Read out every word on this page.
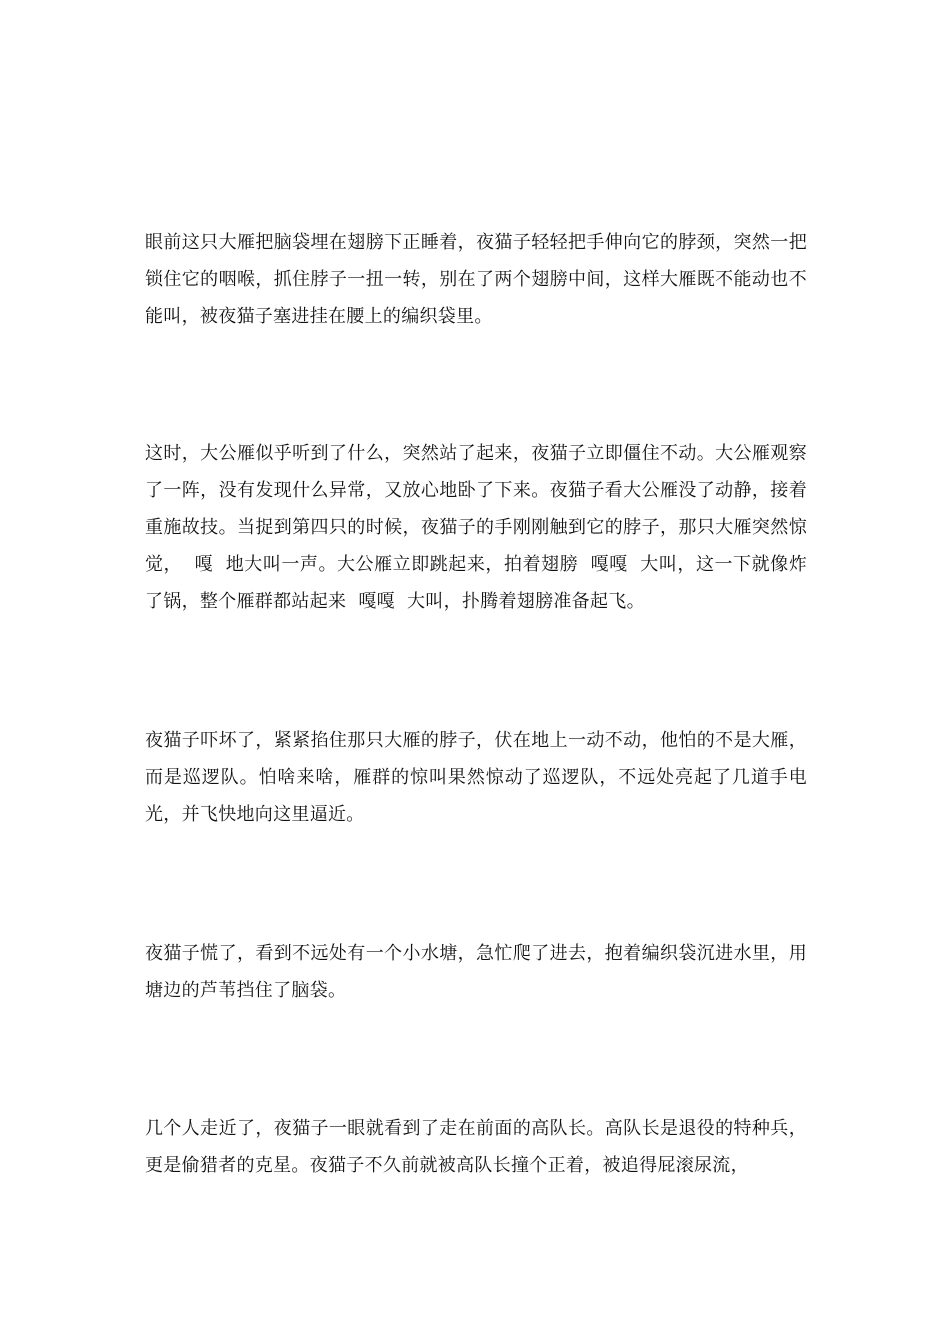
眼前这只大雁把脑袋埋在翅膀下正睡着，夜猫子轻轻把手伸向它的脖颈，突然一把锁住它的咽喉，抓住脖子一扭一转，别在了两个翅膀中间，这样大雁既不能动也不能叫，被夜猫子塞进挂在腰上的编织袋里。

这时，大公雁似乎听到了什么，突然站了起来，夜猫子立即僵住不动。大公雁观察了一阵，没有发现什么异常，又放心地卧了下来。夜猫子看大公雁没了动静，接着重施故技。当捉到第四只的时候，夜猫子的手刚刚触到它的脖子，那只大雁突然惊觉，  嘎  地大叫一声。大公雁立即跳起来，拍着翅膀  嘎嘎  大叫，这一下就像炸了锅，整个雁群都站起来  嘎嘎  大叫，扑腾着翅膀准备起飞。

夜猫子吓坏了，紧紧掐住那只大雁的脖子，伏在地上一动不动，他怕的不是大雁，而是巡逻队。怕啥来啥，雁群的惊叫果然惊动了巡逻队，不远处亮起了几道手电光，并飞快地向这里逼近。

夜猫子慌了，看到不远处有一个小水塘，急忙爬了进去，抱着编织袋沉进水里，用塘边的芦苇挡住了脑袋。

几个人走近了，夜猫子一眼就看到了走在前面的高队长。高队长是退役的特种兵，更是偷猎者的克星。夜猫子不久前就被高队长撞个正着，被追得屁滚尿流，
